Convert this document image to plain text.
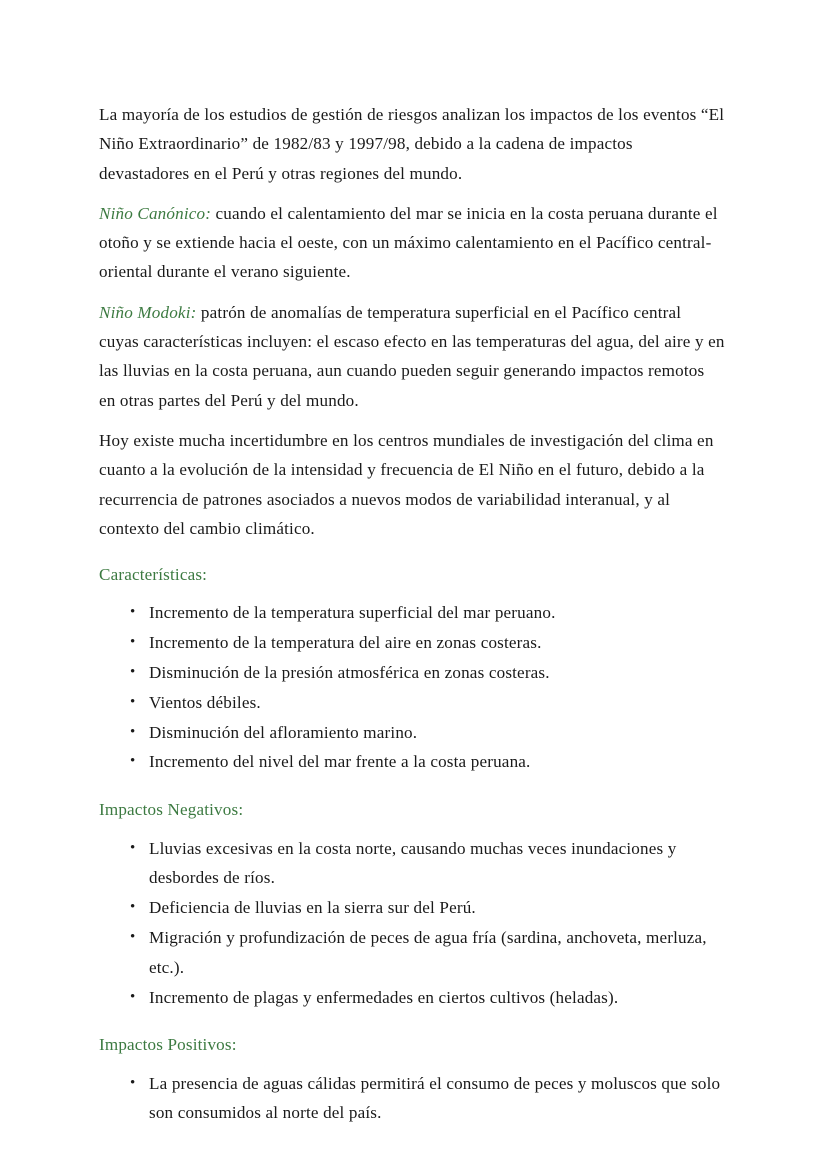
La mayoría de los estudios de gestión de riesgos analizan los impactos de los eventos “El Niño Extraordinario” de 1982/83 y 1997/98, debido a la cadena de impactos devastadores en el Perú y otras regiones del mundo.

Niño Canónico: cuando el calentamiento del mar se inicia en la costa peruana durante el otoño y se extiende hacia el oeste, con un máximo calentamiento en el Pacífico central-oriental durante el verano siguiente.

Niño Modoki: patrón de anomalías de temperatura superficial en el Pacífico central cuyas características incluyen: el escaso efecto en las temperaturas del agua, del aire y en las lluvias en la costa peruana, aun cuando pueden seguir generando impactos remotos en otras partes del Perú y del mundo.

Hoy existe mucha incertidumbre en los centros mundiales de investigación del clima en cuanto a la evolución de la intensidad y frecuencia de El Niño en el futuro, debido a la recurrencia de patrones asociados a nuevos modos de variabilidad interanual, y al contexto del cambio climático.

Características:
• Incremento de la temperatura superficial del mar peruano.
• Incremento de la temperatura del aire en zonas costeras.
• Disminución de la presión atmosférica en zonas costeras.
• Vientos débiles.
• Disminución del afloramiento marino.
• Incremento del nivel del mar frente a la costa peruana.
Impactos Negativos:
• Lluvias excesivas en la costa norte, causando muchas veces inundaciones y desbordes de ríos.
• Deficiencia de lluvias en la sierra sur del Perú.
• Migración y profundización de peces de agua fría (sardina, anchoveta, merluza, etc.).
• Incremento de plagas y enfermedades en ciertos cultivos (heladas).
Impactos Positivos:
• La presencia de aguas cálidas permitirá el consumo de peces y moluscos que solo son consumidos al norte del país.
